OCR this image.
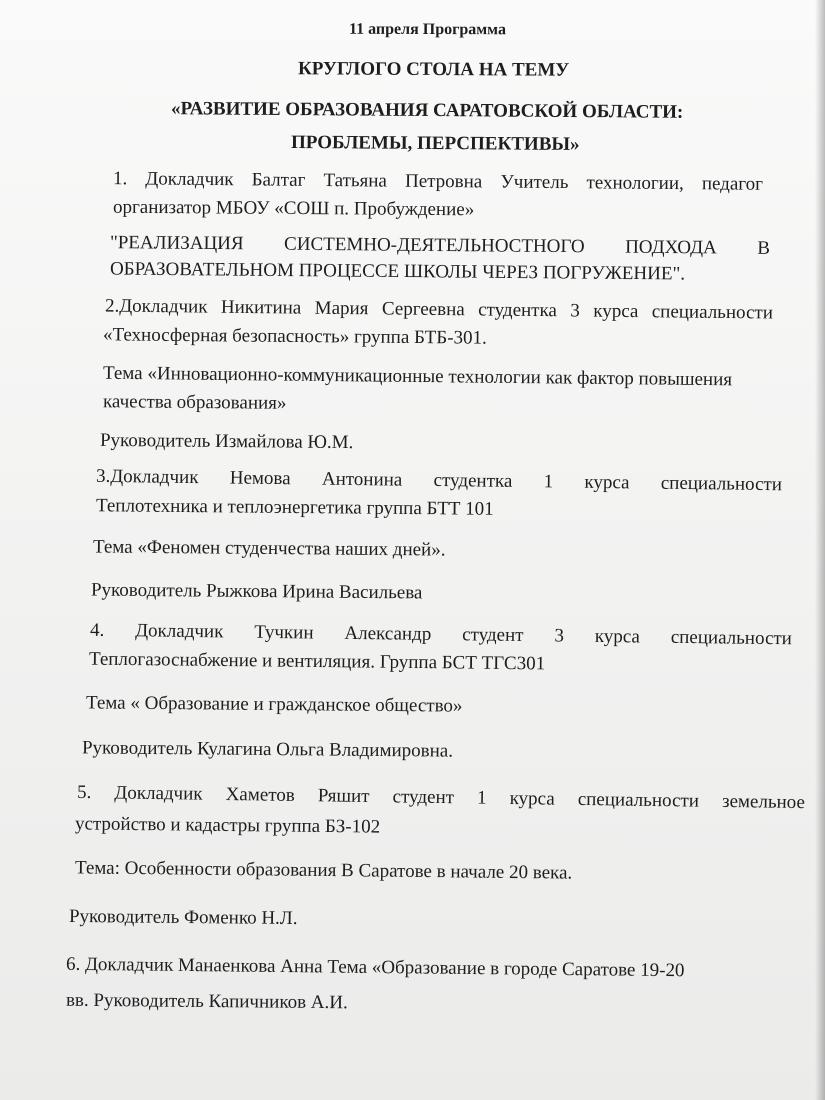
11 апреля Программа
КРУГЛОГО СТОЛА НА ТЕМУ
«РАЗВИТИЕ ОБРАЗОВАНИЯ САРАТОВСКОЙ ОБЛАСТИ:
ПРОБЛЕМЫ, ПЕРСПЕКТИВЫ»
1. Докладчик Балтаг Татьяна Петровна Учитель технологии, педагог
организатор МБОУ «СОШ п. Пробуждение»
"РЕАЛИЗАЦИЯ СИСТЕМНО-ДЕЯТЕЛЬНОСТНОГО ПОДХОДА В
ОБРАЗОВАТЕЛЬНОМ ПРОЦЕССЕ ШКОЛЫ ЧЕРЕЗ ПОГРУЖЕНИЕ".
2.Докладчик Никитина Мария Сергеевна студентка 3 курса специальности
«Техносферная безопасность» группа БТБ-301.
Тема «Инновационно-коммуникационные технологии как фактор повышения
качества образования»
Руководитель Измайлова Ю.М.
3.Докладчик Немова Антонина студентка 1 курса специальности
Теплотехника и теплоэнергетика группа БТТ 101
Тема «Феномен студенчества наших дней».
Руководитель Рыжкова Ирина Васильева
4. Докладчик Тучкин Александр студент 3 курса специальности
Теплогазоснабжение и вентиляция. Группа БСТ ТГС301
Тема « Образование и гражданское общество»
Руководитель Кулагина Ольга Владимировна.
5. Докладчик Хаметов Ряшит студент 1 курса специальности земельное
устройство и кадастры группа БЗ-102
Тема: Особенности образования В Саратове в начале 20 века.
Руководитель Фоменко Н.Л.
6. Докладчик Манаенкова Анна Тема «Образование в городе Саратове 19-20
вв. Руководитель Капичников А.И.
